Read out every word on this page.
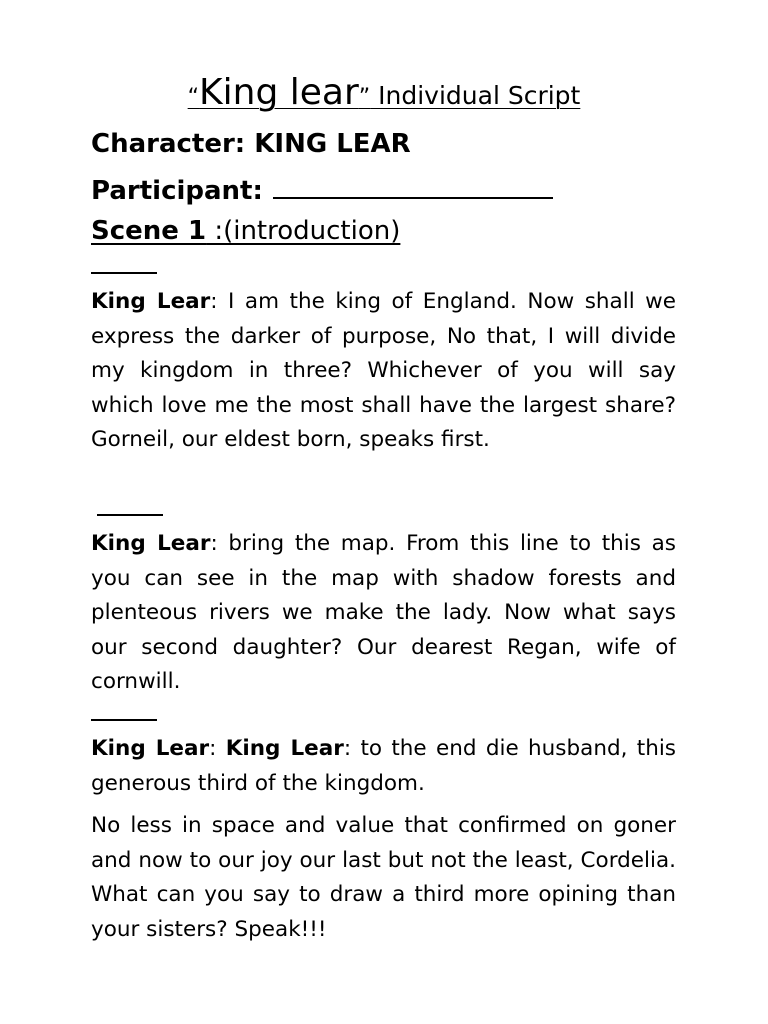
“King lear” Individual Script
Character: KING LEAR
Participant:
Scene 1 :(introduction)

King Lear: I am the king of England. Now shall we express the darker of purpose, No that, I will divide my kingdom in three? Whichever of you will say which love me the most shall have the largest share? Gorneil, our eldest born, speaks first.

King Lear: bring the map. From this line to this as you can see in the map with shadow forests and plenteous rivers we make the lady. Now what says our second daughter? Our dearest Regan, wife of cornwill.

King Lear: King Lear: to the end die husband, this generous third of the kingdom.

No less in space and value that confirmed on goner and now to our joy our last but not the least, Cordelia. What can you say to draw a third more opining than your sisters? Speak!!!
